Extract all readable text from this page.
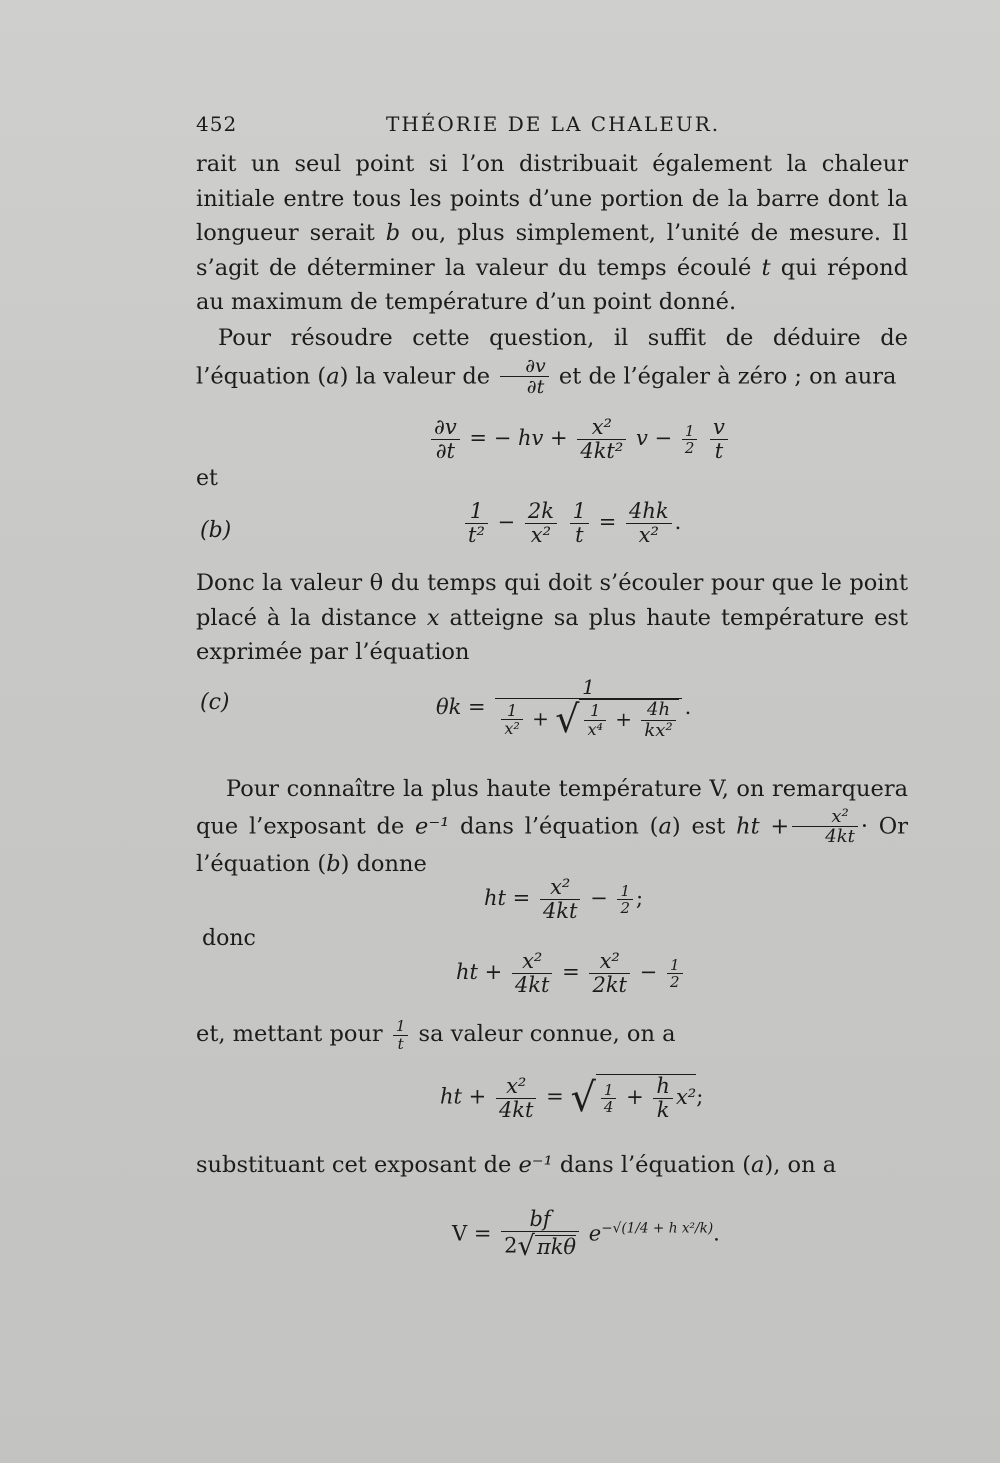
452	THÉORIE DE LA CHALEUR.
rait un seul point si l’on distribuait également la chaleur initiale entre tous les points d’une portion de la barre dont la longueur serait b ou, plus simplement, l’unité de mesure. Il s’agit de déterminer la valeur du temps écoulé t qui répond au maximum de température d’un point donné.
Pour résoudre cette question, il suffit de déduire de l’équation (a) la valeur de $\frac{\partial v}{\partial t}$ et de l’égaler à zéro ; on aura
$\frac{\partial v}{\partial t}$ = − hv + $\frac{\text{x²}}{\text{4kt²}}$ $v - \frac{1}{2}$
$\frac{v}{t}$
et
(b)	$\frac{1}{\text{t²}} - \frac{2k}{\text{x²}}$
$\frac{1}{t} = \frac{4hk}{\text{x²}}$ .
Donc la valeur θ du temps qui doit s’écouler pour que le point placé à la distance x atteigne sa plus haute température est exprimée par l’équation
(c)	θk =
1
$\frac{1}{\text{x²}}$ + √ $\frac{1}{\text{x⁴}} + \frac{4h}{\text{kx²}}$ .
Pour connaître la plus haute température V, on remarquera que l’exposant de e⁻¹ dans l’équation (a) est ht + $\frac{\text{x²}}{4kt} \cdot Or$ l’équation (b) donne
ht = $\frac{\text{x²}}{4kt} - \frac{1}{2}$ ;
donc
ht + $\frac{\text{x²}}{4kt} = \frac{\text{x²}}{2kt} - \frac{1}{2}$
et, mettant pour $\frac{1}{t}$ sa valeur connue, on a
ht + $\frac{\text{x²}}{4kt}$ = √ $\frac{1}{4} + \frac{h}{k} x^2$;
substituant cet exposant de e⁻¹ dans l’équation (a), on a
$V = \frac{bf}{\text{2√πkθ}} e^{-√(1/4 + h x^2/k)}$.
